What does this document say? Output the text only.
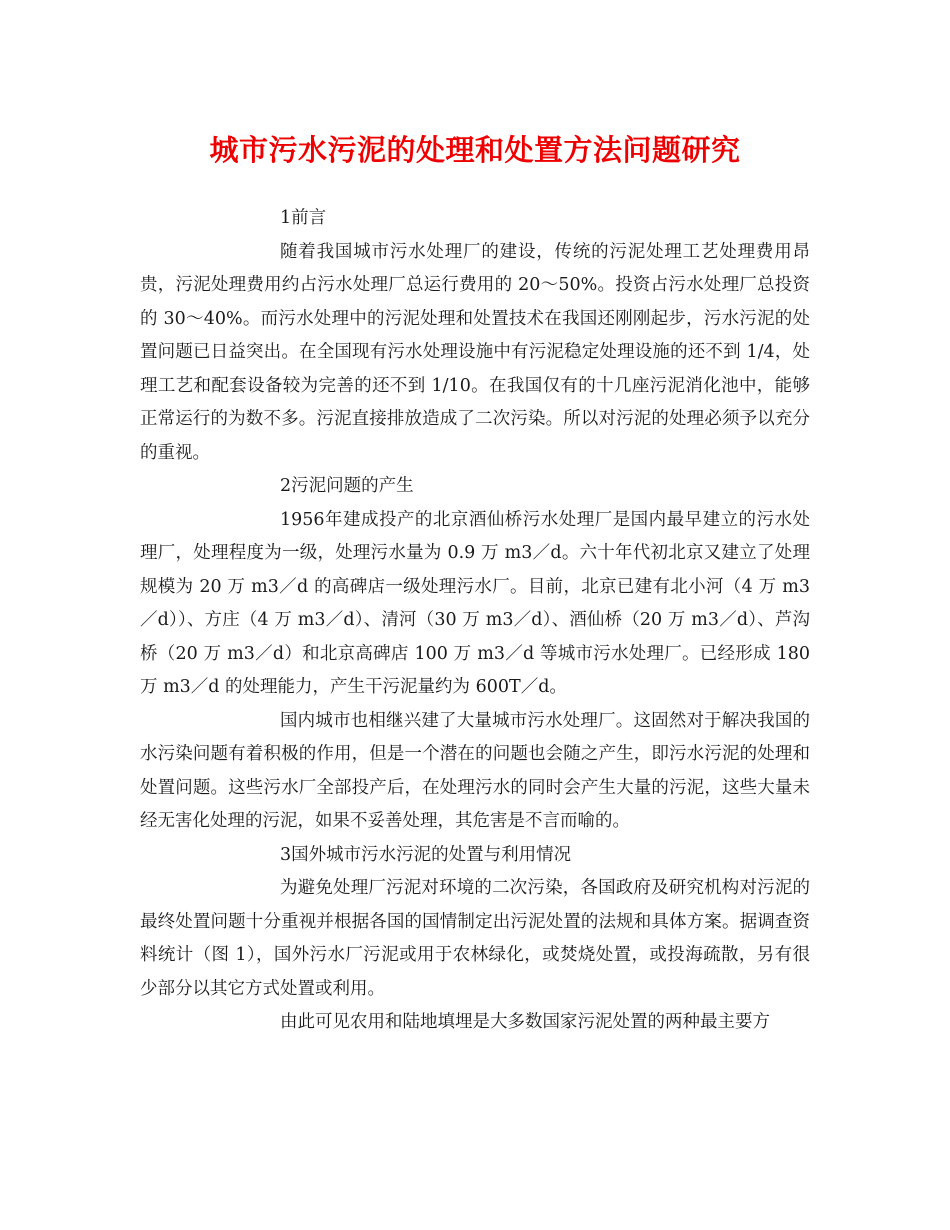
城市污水污泥的处理和处置方法问题研究

1前言

随着我国城市污水处理厂的建设，传统的污泥处理工艺处理费用昂贵，污泥处理费用约占污水处理厂总运行费用的 20～50%。投资占污水处理厂总投资的 30～40%。而污水处理中的污泥处理和处置技术在我国还刚刚起步，污水污泥的处置问题已日益突出。在全国现有污水处理设施中有污泥稳定处理设施的还不到 1/4，处理工艺和配套设备较为完善的还不到 1/10。在我国仅有的十几座污泥消化池中，能够正常运行的为数不多。污泥直接排放造成了二次污染。所以对污泥的处理必须予以充分的重视。

2污泥问题的产生

1956年建成投产的北京酒仙桥污水处理厂是国内最早建立的污水处理厂，处理程度为一级，处理污水量为 0.9 万 m3／d。六十年代初北京又建立了处理规模为 20 万 m3／d 的高碑店一级处理污水厂。目前，北京已建有北小河（4 万 m3／d））、方庄（4 万 m3／d）、清河（30 万 m3／d）、酒仙桥（20 万 m3／d）、芦沟桥（20 万 m3／d）和北京高碑店 100 万 m3／d 等城市污水处理厂。已经形成 180 万 m3／d 的处理能力，产生干污泥量约为 600T／d。

国内城市也相继兴建了大量城市污水处理厂。这固然对于解决我国的水污染问题有着积极的作用，但是一个潜在的问题也会随之产生，即污水污泥的处理和处置问题。这些污水厂全部投产后，在处理污水的同时会产生大量的污泥，这些大量未经无害化处理的污泥，如果不妥善处理，其危害是不言而喻的。

3国外城市污水污泥的处置与利用情况

为避免处理厂污泥对环境的二次污染，各国政府及研究机构对污泥的最终处置问题十分重视并根据各国的国情制定出污泥处置的法规和具体方案。据调查资料统计（图 1），国外污水厂污泥或用于农林绿化，或焚烧处置，或投海疏散，另有很少部分以其它方式处置或利用。

由此可见农用和陆地填埋是大多数国家污泥处置的两种最主要方
